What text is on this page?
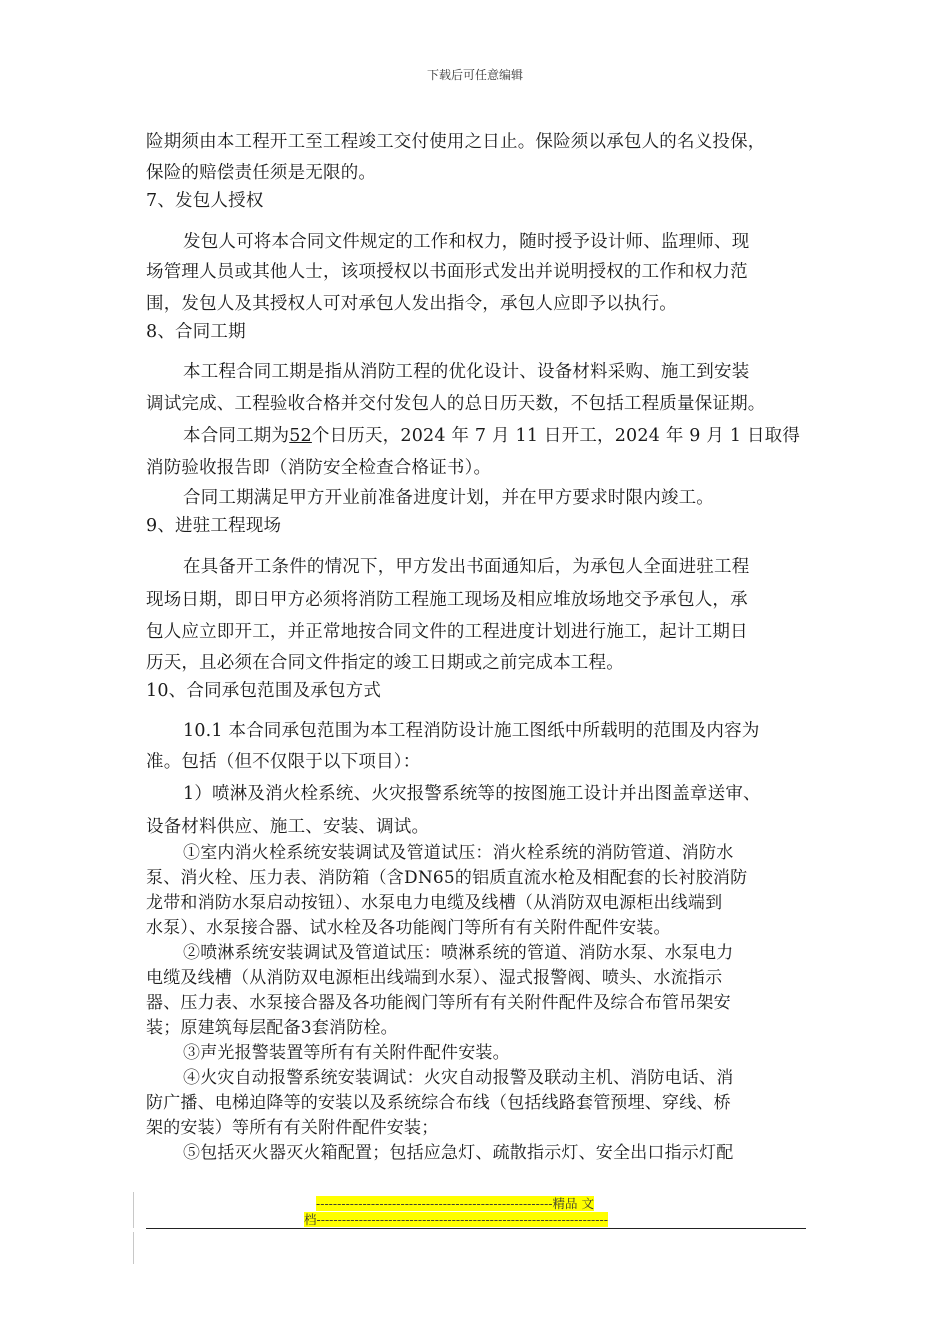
下载后可任意编辑
险期须由本工程开工至工程竣工交付使用之日止。保险须以承包人的名义投保，
保险的赔偿责任须是无限的。
7、发包人授权
发包人可将本合同文件规定的工作和权力，随时授予设计师、监理师、现
场管理人员或其他人士，该项授权以书面形式发出并说明授权的工作和权力范
围，发包人及其授权人可对承包人发出指令，承包人应即予以执行。
8、合同工期
本工程合同工期是指从消防工程的优化设计、设备材料采购、施工到安装
调试完成、工程验收合格并交付发包人的总日历天数，不包括工程质量保证期。
本合同工期为52个日历天，2024 年 7 月 11 日开工，2024 年 9 月 1 日取得
消防验收报告即（消防安全检查合格证书）。
合同工期满足甲方开业前准备进度计划，并在甲方要求时限内竣工。
9、进驻工程现场
在具备开工条件的情况下，甲方发出书面通知后，为承包人全面进驻工程
现场日期，即日甲方必须将消防工程施工现场及相应堆放场地交予承包人，承
包人应立即开工，并正常地按合同文件的工程进度计划进行施工，起计工期日
历天，且必须在合同文件指定的竣工日期或之前完成本工程。
10、合同承包范围及承包方式
10.1 本合同承包范围为本工程消防设计施工图纸中所载明的范围及内容为
准。包括（但不仅限于以下项目）：
1）喷淋及消火栓系统、火灾报警系统等的按图施工设计并出图盖章送审、
设备材料供应、施工、安装、调试。
①室内消火栓系统安装调试及管道试压：消火栓系统的消防管道、消防水
泵、消火栓、压力表、消防箱（含DN65的铝质直流水枪及相配套的长衬胶消防
龙带和消防水泵启动按钮）、水泵电力电缆及线槽（从消防双电源柜出线端到
水泵）、水泵接合器、试水栓及各功能阀门等所有有关附件配件安装。
②喷淋系统安装调试及管道试压：喷淋系统的管道、消防水泵、水泵电力
电缆及线槽（从消防双电源柜出线端到水泵）、湿式报警阀、喷头、水流指示
器、压力表、水泵接合器及各功能阀门等所有有关附件配件及综合布管吊架安
装；原建筑每层配备3套消防栓。
③声光报警装置等所有有关附件配件安装。
④火灾自动报警系统安装调试：火灾自动报警及联动主机、消防电话、消
防广播、电梯迫降等的安装以及系统综合布线（包括线路套管预埋、穿线、桥
架的安装）等所有有关附件配件安装；
⑤包括灭火器灭火箱配置；包括应急灯、疏散指示灯、安全出口指示灯配
--------------------------------------------------------精品 文
档---------------------------------------------------------------------
